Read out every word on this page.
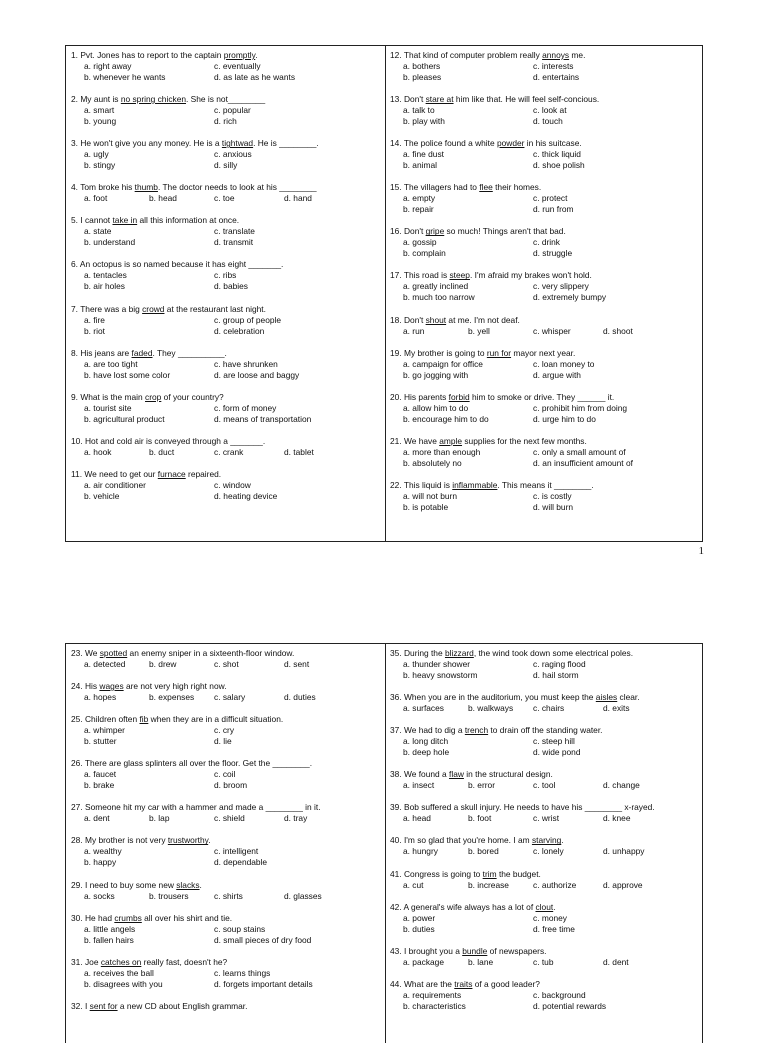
1. Pvt. Jones has to report to the captain promptly.
a. right away	c. eventually
b. whenever he wants	d. as late as he wants
2. My aunt is no spring chicken. She is not________
a. smart	c. popular
b. young	d. rich
3. He won't give you any money. He is a tightwad. He is ________.
a. ugly	c. anxious
b. stingy	d. silly
4. Tom broke his thumb. The doctor needs to look at his ________
a. foot	b. head	c. toe	d. hand
5. I cannot take in all this information at once.
a. state	c. translate
b. understand	d. transmit
6. An octopus is so named because it has eight _______.
a. tentacles	c. ribs
b. air holes	d. babies
7. There was a big crowd at the restaurant last night.
a. fire	c. group of people
b. riot	d. celebration
8. His jeans are faded. They __________.
a. are too tight	c. have shrunken
b. have lost some color	d. are loose and baggy
9. What is the main crop of your country?
a. tourist site	c. form of money
b. agricultural product	d. means of transportation
10. Hot and cold air is conveyed through a _______.
a. hook	b. duct	c. crank	d. tablet
11. We need to get our furnace repaired.
a. air conditioner	c. window
b. vehicle	d. heating device
12. That kind of computer problem really annoys me.
a. bothers	c. interests
b. pleases	d. entertains
13. Don't stare at him like that. He will feel self-concious.
a. talk to	c. look at
b. play with	d. touch
14. The police found a white powder in his suitcase.
a. fine dust	c. thick liquid
b. animal	d. shoe polish
15. The villagers had to flee their homes.
a. empty	c. protect
b. repair	d. run from
16. Don't gripe so much! Things aren't that bad.
a. gossip	c. drink
b. complain	d. struggle
17. This road is steep. I'm afraid my brakes won't hold.
a. greatly inclined	c. very slippery
b. much too narrow	d. extremely bumpy
18. Don't shout at me. I'm not deaf.
a. run	b. yell	c. whisper	d. shoot
19. My brother is going to run for mayor next year.
a. campaign for office	c. loan money to
b. go jogging with	d. argue with
20. His parents forbid him to smoke or drive. They ______ it.
a. allow him to do	c. prohibit him from doing
b. encourage him to do	d. urge him to do
21. We have ample supplies for the next few months.
a. more than enough	c. only a small amount of
b. absolutely no	d. an insufficient amount of
22. This liquid is inflammable. This means it ________.
a. will not burn	c. is costly
b. is potable	d. will burn
1
23. We spotted an enemy sniper in a sixteenth-floor window.
a. detected	b. drew	c. shot	d. sent
24. His wages are not very high right now.
a. hopes	b. expenses	c. salary	d. duties
25. Children often fib when they are in a difficult situation.
a. whimper	c. cry
b. stutter	d. lie
26. There are glass splinters all over the floor. Get the ________.
a. faucet	c. coil
b. brake	d. broom
27. Someone hit my car with a hammer and made a ________ in it.
a. dent	b. lap	c. shield	d. tray
28. My brother is not very trustworthy.
a. wealthy	c. intelligent
b. happy	d. dependable
29. I need to buy some new slacks.
a. socks	b. trousers	c. shirts	d. glasses
30. He had crumbs all over his shirt and tie.
a. little angels	c. soup stains
b. fallen hairs	d. small pieces of dry food
31. Joe catches on really fast, doesn't he?
a. receives the ball	c. learns things
b. disagrees with you	d. forgets important details
32. I sent for a new CD about English grammar.
35. During the blizzard, the wind took down some electrical poles.
a. thunder shower	c. raging flood
b. heavy snowstorm	d. hail storm
36. When you are in the auditorium, you must keep the aisles clear.
a. surfaces	b. walkways	c. chairs	d. exits
37. We had to dig a trench to drain off the standing water.
a. long ditch	c. steep hill
b. deep hole	d. wide pond
38. We found a flaw in the structural design.
a. insect	b. error	c. tool	d. change
39. Bob suffered a skull injury. He needs to have his ________ x-rayed.
a. head	b. foot	c. wrist	d. knee
40. I'm so glad that you're home. I am starving.
a. hungry	b. bored	c. lonely	d. unhappy
41. Congress is going to trim the budget.
a. cut	b. increase	c. authorize	d. approve
42. A general's wife always has a lot of clout.
a. power	c. money
b. duties	d. free time
43. I brought you a bundle of newspapers.
a. package	b. lane	c. tub	d. dent
44. What are the traits of a good leader?
a. requirements	c. background
b. characteristics	d. potential rewards
